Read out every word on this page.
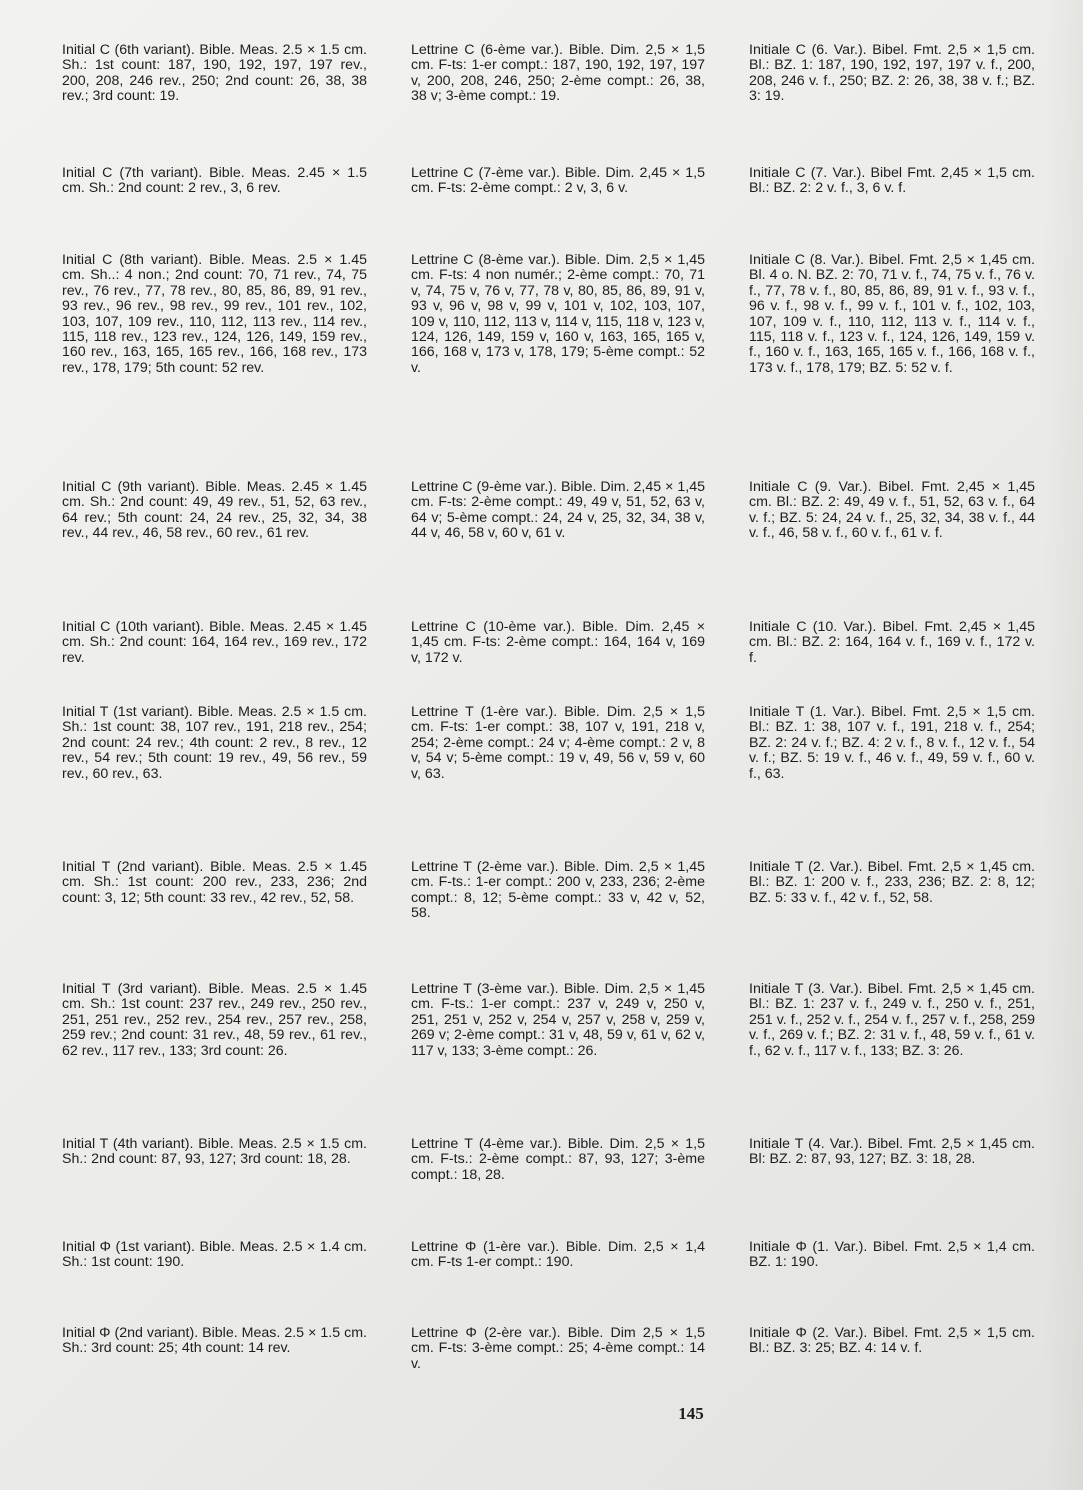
Initial C (6th variant). Bible. Meas. 2.5 × 1.5 cm. Sh.: 1st count: 187, 190, 192, 197, 197 rev., 200, 208, 246 rev., 250; 2nd count: 26, 38, 38 rev.; 3rd count: 19.

Lettrine C (6-ème var.). Bible. Dim. 2,5 × 1,5 cm. F-ts: 1-er compt.: 187, 190, 192, 197, 197 v, 200, 208, 246, 250; 2-ème compt.: 26, 38, 38 v; 3-ème compt.: 19.

Initiale C (6. Var.). Bibel. Fmt. 2,5 × 1,5 cm. Bl.: BZ. 1: 187, 190, 192, 197, 197 v. f., 200, 208, 246 v. f., 250; BZ. 2: 26, 38, 38 v. f.; BZ. 3: 19.

Initial C (7th variant). Bible. Meas. 2.45 × 1.5 cm. Sh.: 2nd count: 2 rev., 3, 6 rev.

Lettrine C (7-ème var.). Bible. Dim. 2,45 × 1,5 cm. F-ts: 2-ème compt.: 2 v, 3, 6 v.

Initiale C (7. Var.). Bibel Fmt. 2,45 × 1,5 cm. Bl.: BZ. 2: 2 v. f., 3, 6 v. f.

Initial C (8th variant). Bible. Meas. 2.5 × 1.45 cm. Sh..: 4 non.; 2nd count: 70, 71 rev., 74, 75 rev., 76 rev., 77, 78 rev., 80, 85, 86, 89, 91 rev., 93 rev., 96 rev., 98 rev., 99 rev., 101 rev., 102, 103, 107, 109 rev., 110, 112, 113 rev., 114 rev., 115, 118 rev., 123 rev., 124, 126, 149, 159 rev., 160 rev., 163, 165, 165 rev., 166, 168 rev., 173 rev., 178, 179; 5th count: 52 rev.

Lettrine C (8-ème var.). Bible. Dim. 2,5 × 1,45 cm. F-ts: 4 non numér.; 2-ème compt.: 70, 71 v, 74, 75 v, 76 v, 77, 78 v, 80, 85, 86, 89, 91 v, 93 v, 96 v, 98 v, 99 v, 101 v, 102, 103, 107, 109 v, 110, 112, 113 v, 114 v, 115, 118 v, 123 v, 124, 126, 149, 159 v, 160 v, 163, 165, 165 v, 166, 168 v, 173 v, 178, 179; 5-ème compt.: 52 v.

Initiale C (8. Var.). Bibel. Fmt. 2,5 × 1,45 cm. Bl. 4 o. N. BZ. 2: 70, 71 v. f., 74, 75 v. f., 76 v. f., 77, 78 v. f., 80, 85, 86, 89, 91 v. f., 93 v. f., 96 v. f., 98 v. f., 99 v. f., 101 v. f., 102, 103, 107, 109 v. f., 110, 112, 113 v. f., 114 v. f., 115, 118 v. f., 123 v. f., 124, 126, 149, 159 v. f., 160 v. f., 163, 165, 165 v. f., 166, 168 v. f., 173 v. f., 178, 179; BZ. 5: 52 v. f.

Initial C (9th variant). Bible. Meas. 2.45 × 1.45 cm. Sh.: 2nd count: 49, 49 rev., 51, 52, 63 rev., 64 rev.; 5th count: 24, 24 rev., 25, 32, 34, 38 rev., 44 rev., 46, 58 rev., 60 rev., 61 rev.

Lettrine C (9-ème var.). Bible. Dim. 2,45 × 1,45 cm. F-ts: 2-ème compt.: 49, 49 v, 51, 52, 63 v, 64 v; 5-ème compt.: 24, 24 v, 25, 32, 34, 38 v, 44 v, 46, 58 v, 60 v, 61 v.

Initiale C (9. Var.). Bibel. Fmt. 2,45 × 1,45 cm. Bl.: BZ. 2: 49, 49 v. f., 51, 52, 63 v. f., 64 v. f.; BZ. 5: 24, 24 v. f., 25, 32, 34, 38 v. f., 44 v. f., 46, 58 v. f., 60 v. f., 61 v. f.

Initial C (10th variant). Bible. Meas. 2.45 × 1.45 cm. Sh.: 2nd count: 164, 164 rev., 169 rev., 172 rev.

Lettrine C (10-ème var.). Bible. Dim. 2,45 × 1,45 cm. F-ts: 2-ème compt.: 164, 164 v, 169 v, 172 v.

Initiale C (10. Var.). Bibel. Fmt. 2,45 × 1,45 cm. Bl.: BZ. 2: 164, 164 v. f., 169 v. f., 172 v. f.

Initial T (1st variant). Bible. Meas. 2.5 × 1.5 cm. Sh.: 1st count: 38, 107 rev., 191, 218 rev., 254; 2nd count: 24 rev.; 4th count: 2 rev., 8 rev., 12 rev., 54 rev.; 5th count: 19 rev., 49, 56 rev., 59 rev., 60 rev., 63.

Lettrine T (1-ère var.). Bible. Dim. 2,5 × 1,5 cm. F-ts: 1-er compt.: 38, 107 v, 191, 218 v, 254; 2-ème compt.: 24 v; 4-ème compt.: 2 v, 8 v, 54 v; 5-ème compt.: 19 v, 49, 56 v, 59 v, 60 v, 63.

Initiale T (1. Var.). Bibel. Fmt. 2,5 × 1,5 cm. Bl.: BZ. 1: 38, 107 v. f., 191, 218 v. f., 254; BZ. 2: 24 v. f.; BZ. 4: 2 v. f., 8 v. f., 12 v. f., 54 v. f.; BZ. 5: 19 v. f., 46 v. f., 49, 59 v. f., 60 v. f., 63.

Initial T (2nd variant). Bible. Meas. 2.5 × 1.45 cm. Sh.: 1st count: 200 rev., 233, 236; 2nd count: 3, 12; 5th count: 33 rev., 42 rev., 52, 58.

Lettrine T (2-ème var.). Bible. Dim. 2,5 × 1,45 cm. F-ts.: 1-er compt.: 200 v, 233, 236; 2-ème compt.: 8, 12; 5-ème compt.: 33 v, 42 v, 52, 58.

Initiale T (2. Var.). Bibel. Fmt. 2,5 × 1,45 cm. Bl.: BZ. 1: 200 v. f., 233, 236; BZ. 2: 8, 12; BZ. 5: 33 v. f., 42 v. f., 52, 58.

Initial T (3rd variant). Bible. Meas. 2.5 × 1.45 cm. Sh.: 1st count: 237 rev., 249 rev., 250 rev., 251, 251 rev., 252 rev., 254 rev., 257 rev., 258, 259 rev.; 2nd count: 31 rev., 48, 59 rev., 61 rev., 62 rev., 117 rev., 133; 3rd count: 26.

Lettrine T (3-ème var.). Bible. Dim. 2,5 × 1,45 cm. F-ts.: 1-er compt.: 237 v, 249 v, 250 v, 251, 251 v, 252 v, 254 v, 257 v, 258 v, 259 v, 269 v; 2-ème compt.: 31 v, 48, 59 v, 61 v, 62 v, 117 v, 133; 3-ème compt.: 26.

Initiale T (3. Var.). Bibel. Fmt. 2,5 × 1,45 cm. Bl.: BZ. 1: 237 v. f., 249 v. f., 250 v. f., 251, 251 v. f., 252 v. f., 254 v. f., 257 v. f., 258, 259 v. f., 269 v. f.; BZ. 2: 31 v. f., 48, 59 v. f., 61 v. f., 62 v. f., 117 v. f., 133; BZ. 3: 26.

Initial T (4th variant). Bible. Meas. 2.5 × 1.5 cm. Sh.: 2nd count: 87, 93, 127; 3rd count: 18, 28.

Lettrine T (4-ème var.). Bible. Dim. 2,5 × 1,5 cm. F-ts.: 2-ème compt.: 87, 93, 127; 3-ème compt.: 18, 28.

Initiale T (4. Var.). Bibel. Fmt. 2,5 × 1,45 cm. Bl: BZ. 2: 87, 93, 127; BZ. 3: 18, 28.

Initial Φ (1st variant). Bible. Meas. 2.5 × 1.4 cm. Sh.: 1st count: 190.

Lettrine Φ (1-ère var.). Bible. Dim. 2,5 × 1,4 cm. F-ts 1-er compt.: 190.

Initiale Φ (1. Var.). Bibel. Fmt. 2,5 × 1,4 cm. BZ. 1: 190.

Initial Φ (2nd variant). Bible. Meas. 2.5 × 1.5 cm. Sh.: 3rd count: 25; 4th count: 14 rev.

Lettrine Φ (2-ère var.). Bible. Dim 2,5 × 1,5 cm. F-ts: 3-ème compt.: 25; 4-ème compt.: 14 v.

Initiale Φ (2. Var.). Bibel. Fmt. 2,5 × 1,5 cm. Bl.: BZ. 3: 25; BZ. 4: 14 v. f.

145
